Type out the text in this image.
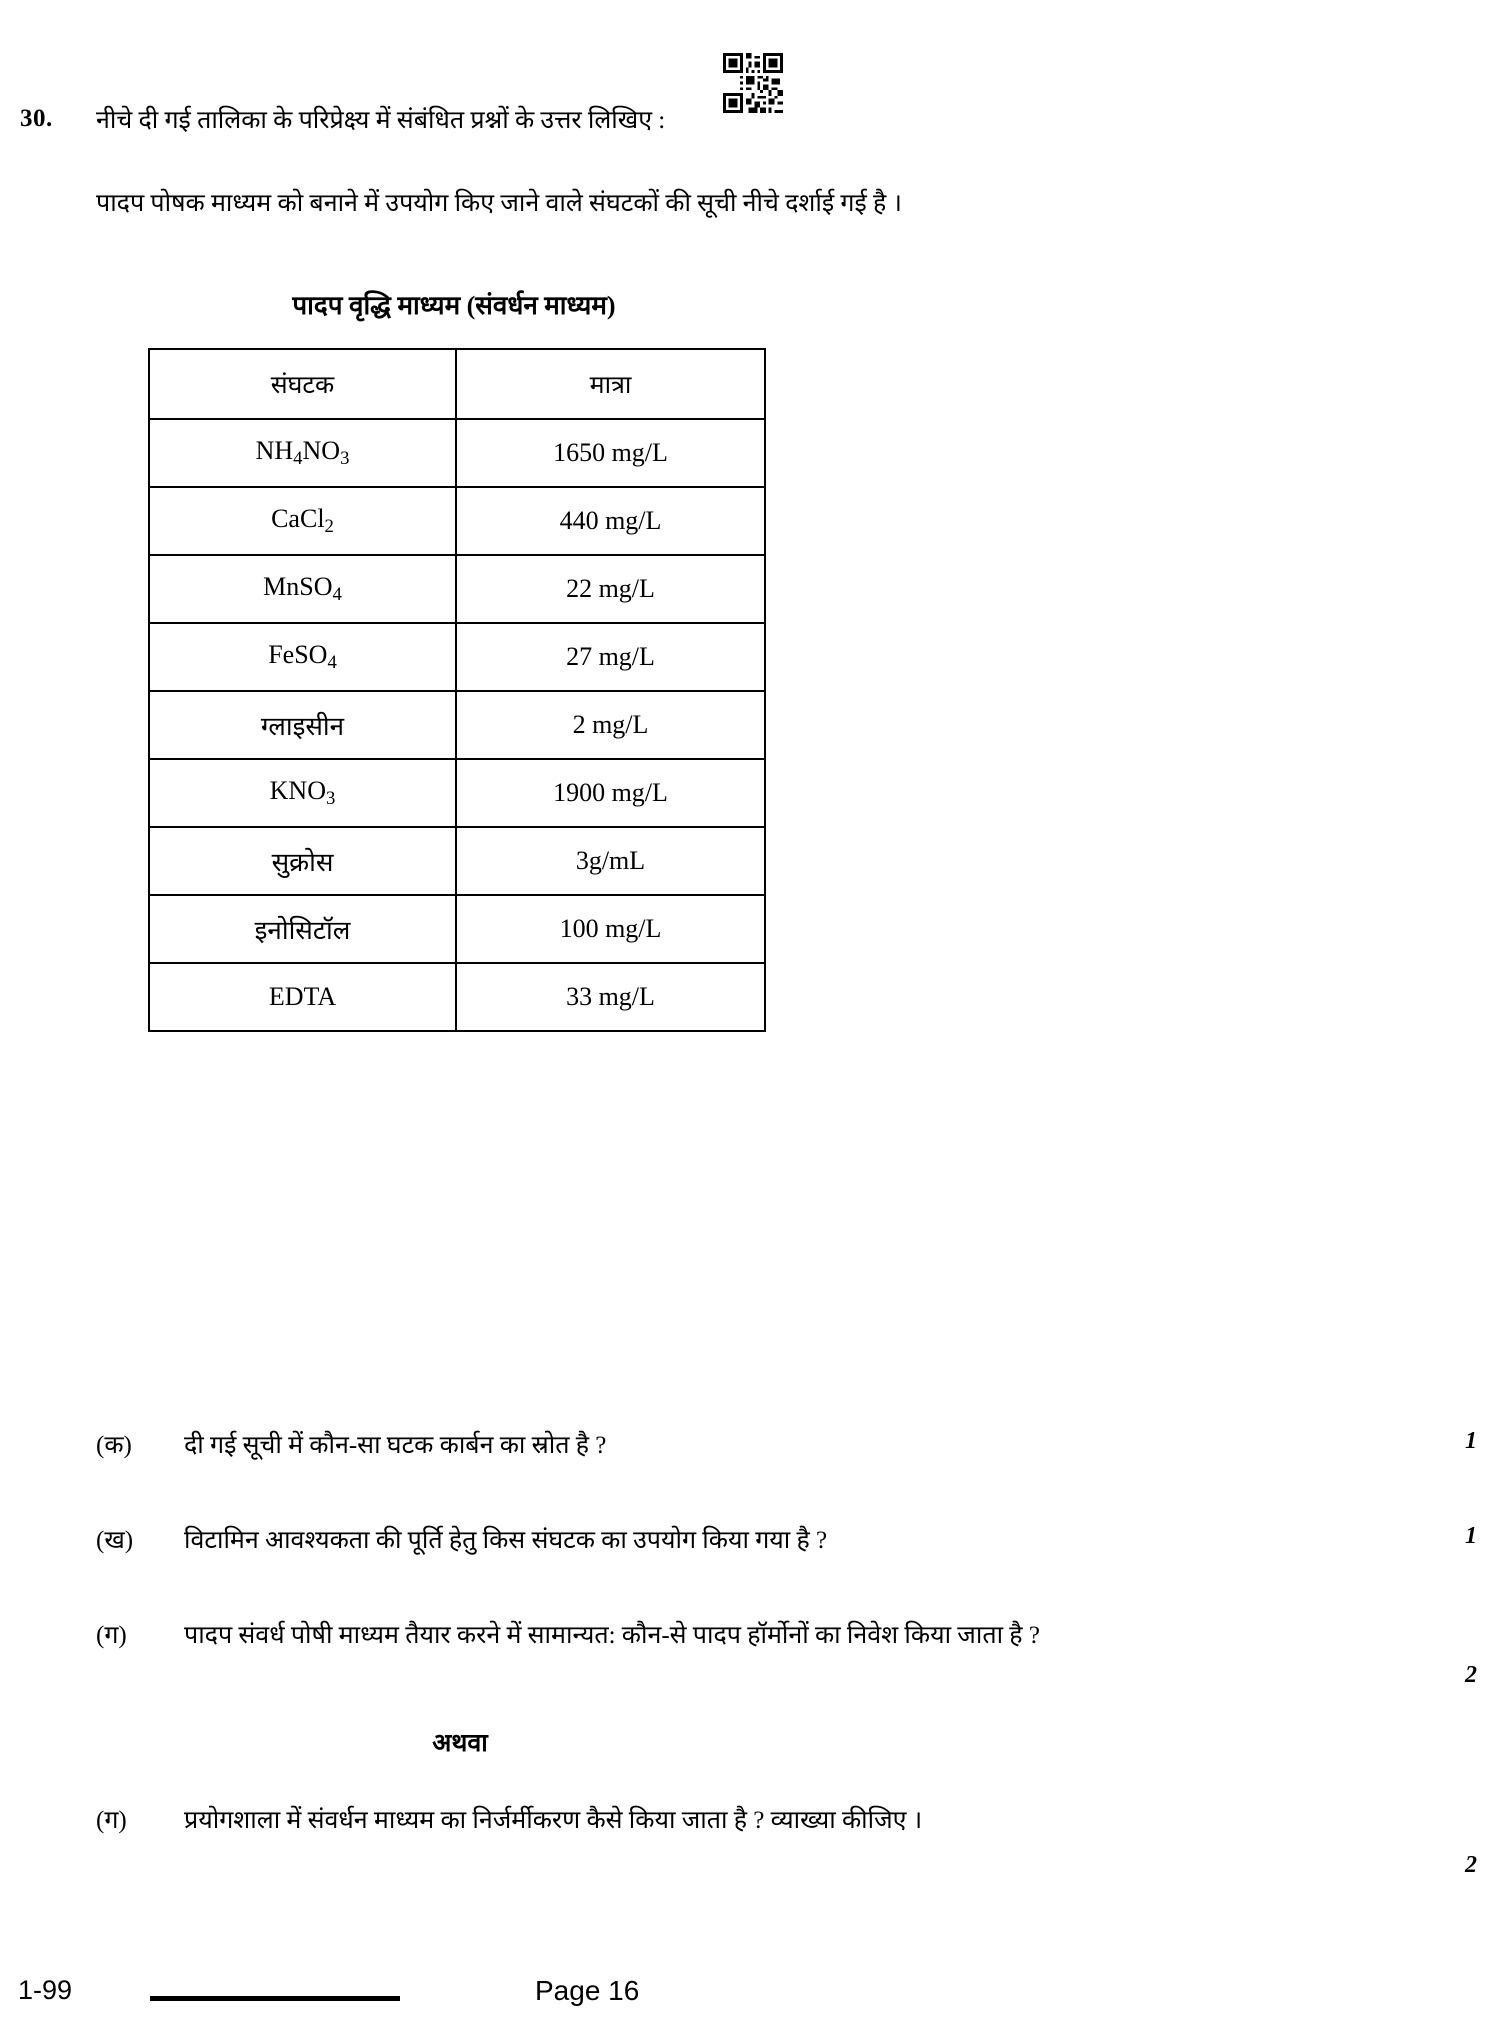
30. नीचे दी गई तालिका के परिप्रेक्ष्य में संबंधित प्रश्नों के उत्तर लिखिए :
पादप पोषक माध्यम को बनाने में उपयोग किए जाने वाले संघटकों की सूची नीचे दर्शाई गई है ।
पादप वृद्धि माध्यम (संवर्धन माध्यम)
संघटक	मात्रा
$NH_4NO_3$	1650 mg/L
CaCl$_2$	440 mg/L
MnSO$_4$	22 mg/L
FeSO$_4$	27 mg/L
ग्लाइसीन	2 mg/L
$KNO_3$	1900 mg/L
सुक्रोस	3g/mL
इनोसिटॉल	100 mg/L
EDTA	33 mg/L
(क)	दी गई सूची में कौन-सा घटक कार्बन का स्रोत है ?	1
(ख)	विटामिन आवश्यकता की पूर्ति हेतु किस संघटक का उपयोग किया गया है ?	1
(ग)	पादप संवर्ध पोषी माध्यम तैयार करने में सामान्यत: कौन-से पादप हॉर्मोनों का निवेश किया जाता है ?
2
अथवा
(ग)	प्रयोगशाला में संवर्धन माध्यम का निर्जर्मीकरण कैसे किया जाता है ? व्याख्या कीजिए ।
2
1-99	Page 16
